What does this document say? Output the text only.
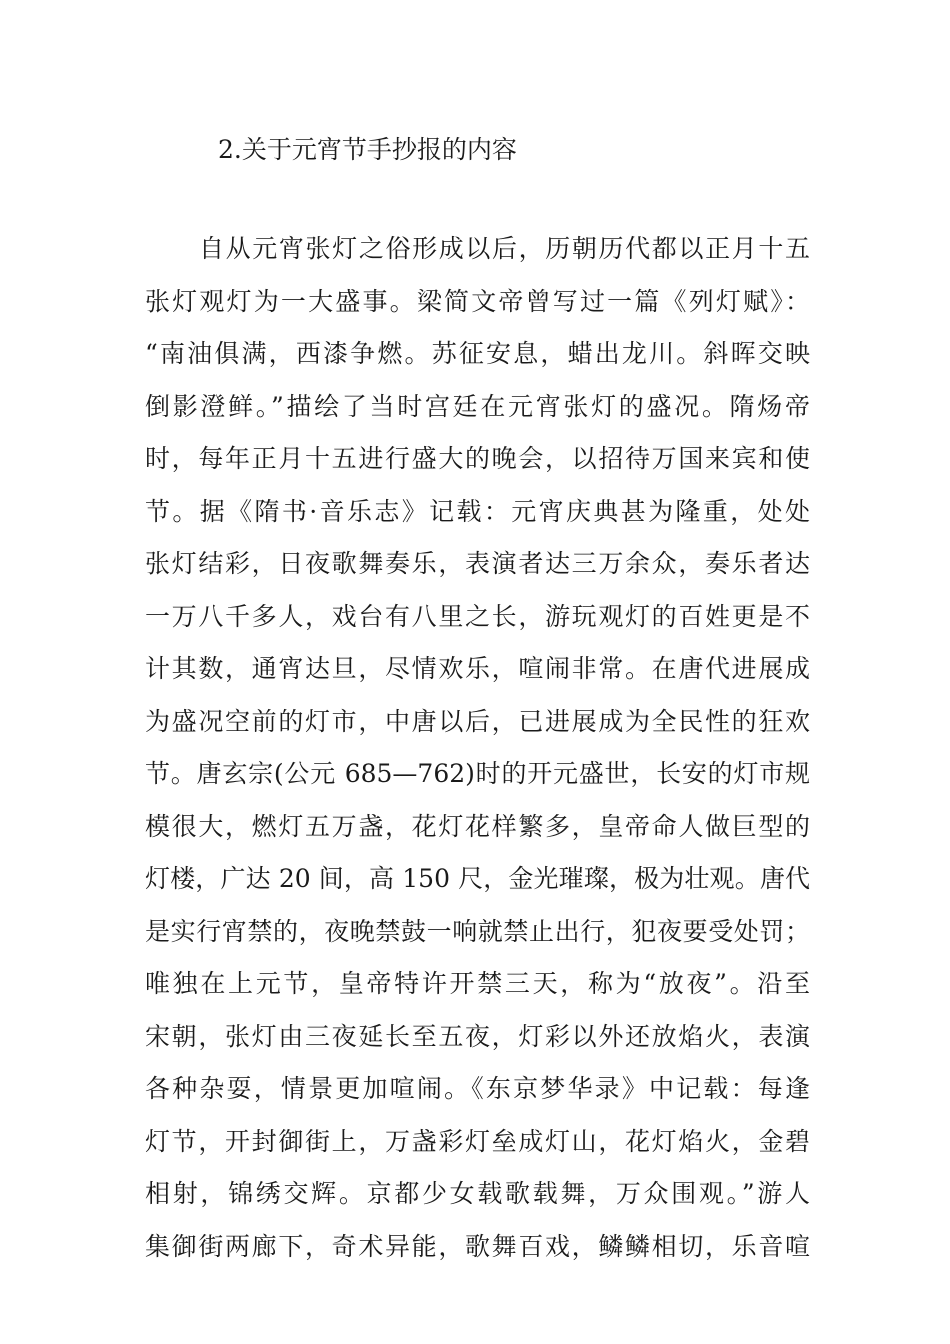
2.关于元宵节手抄报的内容
自从元宵张灯之俗形成以后，历朝历代都以正月十五
张灯观灯为一大盛事。梁简文帝曾写过一篇《列灯赋》：
“南油俱满，西漆争燃。苏征安息，蜡出龙川。斜晖交映
倒影澄鲜。”描绘了当时宫廷在元宵张灯的盛况。隋炀帝
时，每年正月十五进行盛大的晚会，以招待万国来宾和使
节。据《隋书·音乐志》记载：元宵庆典甚为隆重，处处
张灯结彩，日夜歌舞奏乐，表演者达三万余众，奏乐者达
一万八千多人，戏台有八里之长，游玩观灯的百姓更是不
计其数，通宵达旦，尽情欢乐，喧闹非常。在唐代进展成
为盛况空前的灯市，中唐以后，已进展成为全民性的狂欢
节。唐玄宗(公元 685—762)时的开元盛世，长安的灯市规
模很大，燃灯五万盏，花灯花样繁多，皇帝命人做巨型的
灯楼，广达 20 间，高 150 尺，金光璀璨，极为壮观。唐代
是实行宵禁的，夜晚禁鼓一响就禁止出行，犯夜要受处罚；
唯独在上元节，皇帝特许开禁三天，称为“放夜”。沿至
宋朝，张灯由三夜延长至五夜，灯彩以外还放焰火，表演
各种杂耍，情景更加喧闹。《东京梦华录》中记载：每逢
灯节，开封御街上，万盏彩灯垒成灯山，花灯焰火，金碧
相射，锦绣交辉。京都少女载歌载舞，万众围观。”游人
集御街两廊下，奇术异能，歌舞百戏，鳞鳞相切，乐音喧
